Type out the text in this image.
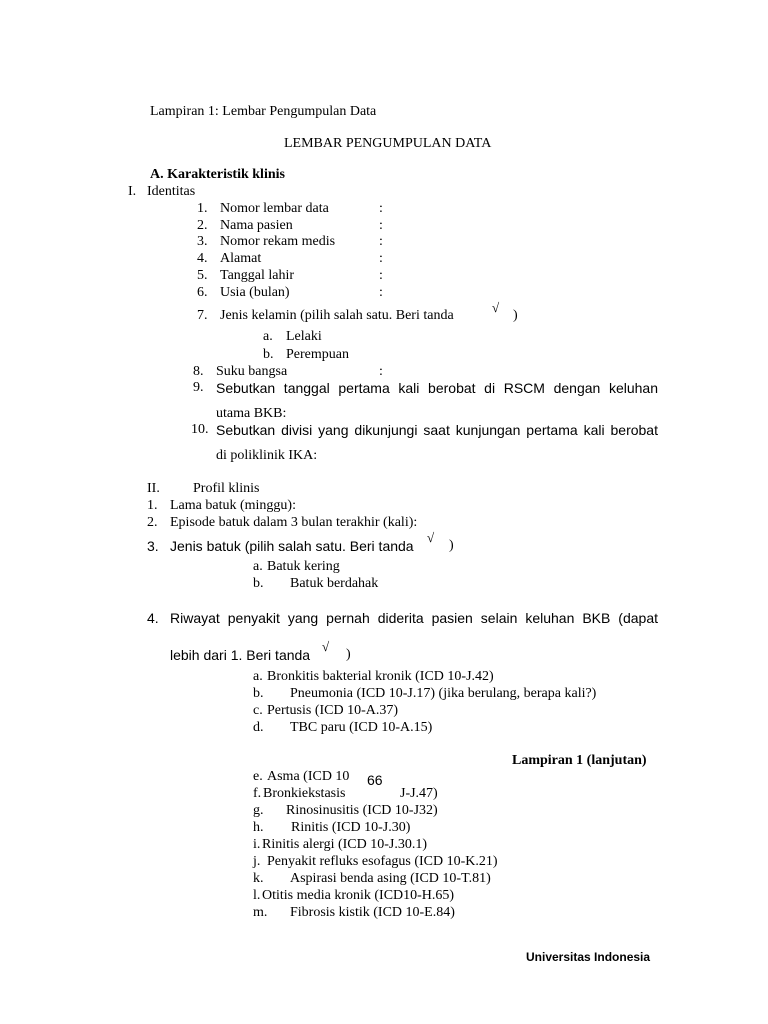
Lampiran 1: Lembar Pengumpulan Data
LEMBAR PENGUMPULAN DATA
A. Karakteristik klinis
I. Identitas
1. Nomor lembar data	:
2. Nama pasien	:
3. Nomor rekam medis	:
4. Alamat	:
5. Tanggal lahir	:
6. Usia (bulan)	:
7. Jenis kelamin (pilih salah satu. Beri tanda
√
)
a. Lelaki
b. Perempuan
8. Suku bangsa	:
9. Sebutkan tanggal pertama kali berobat di RSCM dengan keluhan
utama BKB:
10. Sebutkan divisi yang dikunjungi saat kunjungan pertama kali berobat
di poliklinik IKA:
II. Profil klinis
1. Lama batuk (minggu):
2. Episode batuk dalam 3 bulan terakhir (kali):
3. Jenis batuk (pilih salah satu. Beri tanda
√
)
a. Batuk kering
b. Batuk berdahak
4. Riwayat penyakit yang pernah diderita pasien selain keluhan BKB (dapat
lebih dari 1. Beri tanda
√
)
a. Bronkitis bakterial kronik (ICD 10-J.42)
b. Pneumonia (ICD 10-J.17) (jika berulang, berapa kali?)
c. Pertusis (ICD 10-A.37)
d. TBC paru (ICD 10-A.15)
Lampiran 1 (lanjutan)
66
e. Asma (ICD 10
f. Bronkiekstasis	J-J.47)
g. Rinosinusitis (ICD 10-J32)
h. Rinitis (ICD 10-J.30)
i. Rinitis alergi (ICD 10-J.30.1)
j. Penyakit refluks esofagus (ICD 10-K.21)
k. Aspirasi benda asing (ICD 10-T.81)
l. Otitis media kronik (ICD10-H.65)
m. Fibrosis kistik (ICD 10-E.84)
Universitas Indonesia
